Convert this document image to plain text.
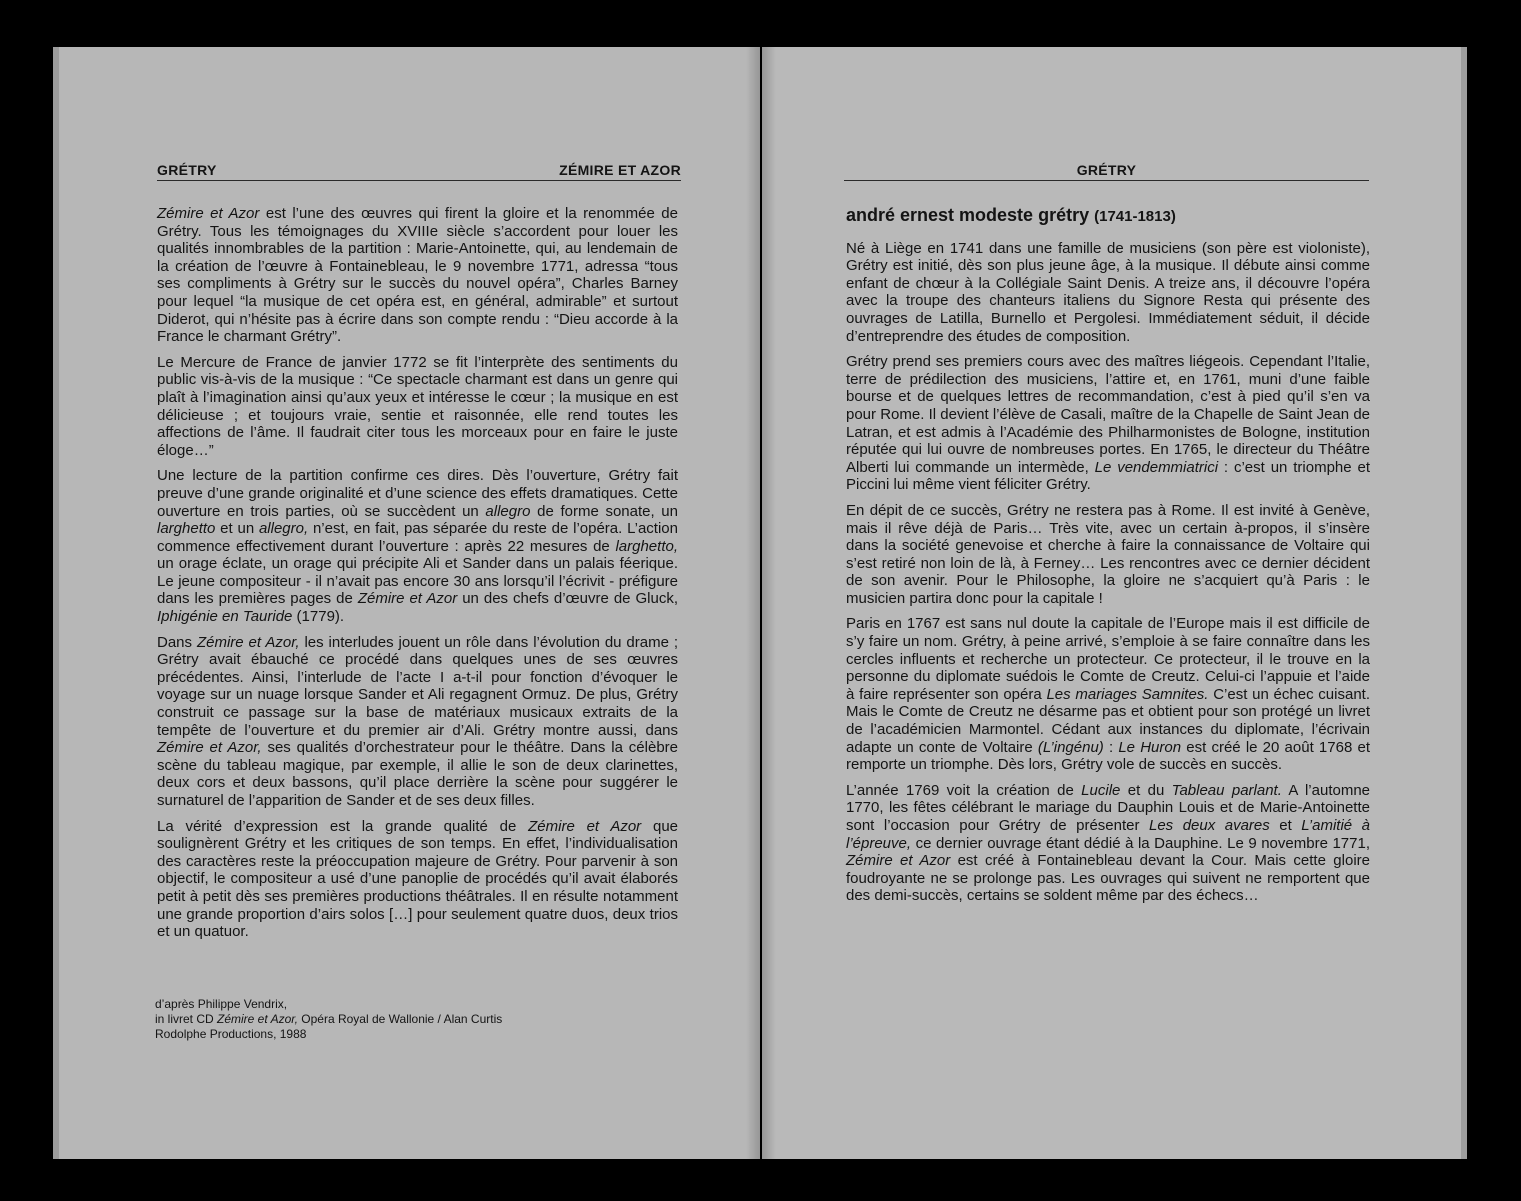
GRÉTRY	ZÉMIRE ET AZOR

Zémire et Azor est l’une des œuvres qui firent la gloire et la renommée de Grétry. Tous les témoignages du XVIIIe siècle s’accordent pour louer les qualités innombrables de la partition : Marie-Antoinette, qui, au lendemain de la création de l’œuvre à Fontainebleau, le 9 novembre 1771, adressa “tous ses compliments à Grétry sur le succès du nouvel opéra”, Charles Barney pour lequel “la musique de cet opéra est, en général, admirable” et surtout Diderot, qui n’hésite pas à écrire dans son compte rendu : “Dieu accorde à la France le charmant Grétry”.

Le Mercure de France de janvier 1772 se fit l’interprète des sentiments du public vis-à-vis de la musique : “Ce spectacle charmant est dans un genre qui plaît à l’imagination ainsi qu’aux yeux et intéresse le cœur ; la musique en est délicieuse ; et toujours vraie, sentie et raisonnée, elle rend toutes les affections de l’âme. Il faudrait citer tous les morceaux pour en faire le juste éloge…”

Une lecture de la partition confirme ces dires. Dès l’ouverture, Grétry fait preuve d’une grande originalité et d’une science des effets dramatiques. Cette ouverture en trois parties, où se succèdent un allegro de forme sonate, un larghetto et un allegro, n’est, en fait, pas séparée du reste de l’opéra. L’action commence effectivement durant l’ouverture : après 22 mesures de larghetto, un orage éclate, un orage qui précipite Ali et Sander dans un palais féerique. Le jeune compositeur - il n’avait pas encore 30 ans lorsqu’il l’écrivit - préfigure dans les premières pages de Zémire et Azor un des chefs d’œuvre de Gluck, Iphigénie en Tauride (1779).

Dans Zémire et Azor, les interludes jouent un rôle dans l’évolution du drame ; Grétry avait ébauché ce procédé dans quelques unes de ses œuvres précédentes. Ainsi, l’interlude de l’acte I a-t-il pour fonction d’évoquer le voyage sur un nuage lorsque Sander et Ali regagnent Ormuz. De plus, Grétry construit ce passage sur la base de matériaux musicaux extraits de la tempête de l’ouverture et du premier air d’Ali. Grétry montre aussi, dans Zémire et Azor, ses qualités d’orchestrateur pour le théâtre. Dans la célèbre scène du tableau magique, par exemple, il allie le son de deux clarinettes, deux cors et deux bassons, qu’il place derrière la scène pour suggérer le surnaturel de l’apparition de Sander et de ses deux filles.

La vérité d’expression est la grande qualité de Zémire et Azor que soulignèrent Grétry et les critiques de son temps. En effet, l’individualisation des caractères reste la préoccupation majeure de Grétry. Pour parvenir à son objectif, le compositeur a usé d’une panoplie de procédés qu’il avait élaborés petit à petit dès ses premières productions théâtrales. Il en résulte notamment une grande proportion d’airs solos […] pour seulement quatre duos, deux trios et un quatuor.

d’après Philippe Vendrix,
in livret CD Zémire et Azor, Opéra Royal de Wallonie / Alan Curtis
Rodolphe Productions, 1988
GRÉTRY
andré ernest modeste grétry (1741-1813)

Né à Liège en 1741 dans une famille de musiciens (son père est violoniste), Grétry est initié, dès son plus jeune âge, à la musique. Il débute ainsi comme enfant de chœur à la Collégiale Saint Denis. A treize ans, il découvre l’opéra avec la troupe des chanteurs italiens du Signore Resta qui présente des ouvrages de Latilla, Burnello et Pergolesi. Immédiatement séduit, il décide d’entreprendre des études de composition.

Grétry prend ses premiers cours avec des maîtres liégeois. Cependant l’Italie, terre de prédilection des musiciens, l’attire et, en 1761, muni d’une faible bourse et de quelques lettres de recommandation, c’est à pied qu’il s’en va pour Rome. Il devient l’élève de Casali, maître de la Chapelle de Saint Jean de Latran, et est admis à l’Académie des Philharmonistes de Bologne, institution réputée qui lui ouvre de nombreuses portes. En 1765, le directeur du Théâtre Alberti lui commande un intermède, Le vendemmiatrici : c’est un triomphe et Piccini lui même vient féliciter Grétry.

En dépit de ce succès, Grétry ne restera pas à Rome. Il est invité à Genève, mais il rêve déjà de Paris… Très vite, avec un certain à-propos, il s’insère dans la société genevoise et cherche à faire la connaissance de Voltaire qui s’est retiré non loin de là, à Ferney… Les rencontres avec ce dernier décident de son avenir. Pour le Philosophe, la gloire ne s’acquiert qu’à Paris : le musicien partira donc pour la capitale !

Paris en 1767 est sans nul doute la capitale de l’Europe mais il est difficile de s’y faire un nom. Grétry, à peine arrivé, s’emploie à se faire connaître dans les cercles influents et recherche un protecteur. Ce protecteur, il le trouve en la personne du diplomate suédois le Comte de Creutz. Celui-ci l’appuie et l’aide à faire représenter son opéra Les mariages Samnites. C’est un échec cuisant. Mais le Comte de Creutz ne désarme pas et obtient pour son protégé un livret de l’académicien Marmontel. Cédant aux instances du diplomate, l’écrivain adapte un conte de Voltaire (L’ingénu) : Le Huron est créé le 20 août 1768 et remporte un triomphe. Dès lors, Grétry vole de succès en succès.

L’année 1769 voit la création de Lucile et du Tableau parlant. A l’automne 1770, les fêtes célébrant le mariage du Dauphin Louis et de Marie-Antoinette sont l’occasion pour Grétry de présenter Les deux avares et L’amitié à l’épreuve, ce dernier ouvrage étant dédié à la Dauphine. Le 9 novembre 1771, Zémire et Azor est créé à Fontainebleau devant la Cour. Mais cette gloire foudroyante ne se prolonge pas. Les ouvrages qui suivent ne remportent que des demi-succès, certains se soldent même par des échecs…
